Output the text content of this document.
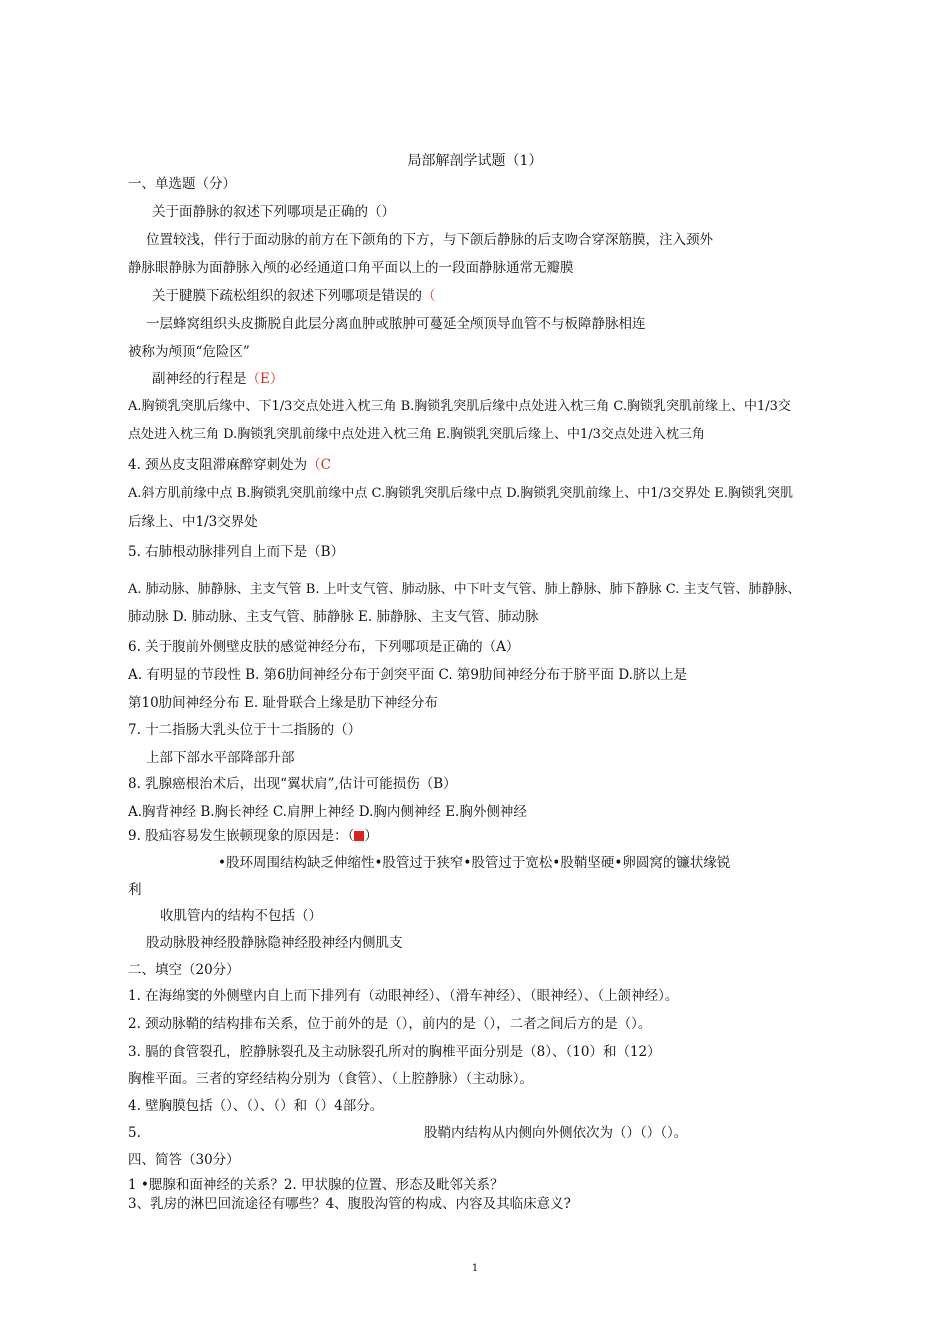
局部解剖学试题（1）
一、单选题（分）
关于面静脉的叙述下列哪项是正确的（）
位置较浅，伴行于面动脉的前方在下颌角的下方，与下颌后静脉的后支吻合穿深筋膜，注入颈外
静脉眼静脉为面静脉入颅的必经通道口角平面以上的一段面静脉通常无瓣膜
关于腱膜下疏松组织的叙述下列哪项是错误的（
一层蜂窝组织头皮撕脱自此层分离血肿或脓肿可蔓延全颅顶导血管不与板障静脉相连
被称为颅顶“危险区”
副神经的行程是（E）
A.胸锁乳突肌后缘中、下1/3交点处进入枕三角 B.胸锁乳突肌后缘中点处进入枕三角 C.胸锁乳突肌前缘上、中1/3交
点处进入枕三角 D.胸锁乳突肌前缘中点处进入枕三角 E.胸锁乳突肌后缘上、中1/3交点处进入枕三角
4. 颈丛皮支阻滞麻醉穿刺处为（C
A.斜方肌前缘中点 B.胸锁乳突肌前缘中点 C.胸锁乳突肌后缘中点 D.胸锁乳突肌前缘上、中1/3交界处 E.胸锁乳突肌
后缘上、中1/3交界处
5. 右肺根动脉排列自上而下是（B）
A. 肺动脉、肺静脉、主支气管 B. 上叶支气管、肺动脉、中下叶支气管、肺上静脉、肺下静脉 C. 主支气管、肺静脉、
肺动脉 D. 肺动脉、主支气管、肺静脉 E. 肺静脉、主支气管、肺动脉
6. 关于腹前外侧壁皮肤的感觉神经分布，下列哪项是正确的（A）
A. 有明显的节段性 B. 第6肋间神经分布于剑突平面 C. 第9肋间神经分布于脐平面 D.脐以上是
第10肋间神经分布 E. 耻骨联合上缘是肋下神经分布
7. 十二指肠大乳头位于十二指肠的（）
上部下部水平部降部升部
8. 乳腺癌根治术后，出现“翼状肩”,估计可能损伤（B）
A.胸背神经 B.胸长神经 C.肩胛上神经 D.胸内侧神经 E.胸外侧神经
9. 股疝容易发生嵌顿现象的原因是：（ ）
•股环周围结构缺乏伸缩性•股管过于狭窄•股管过于宽松•股鞘坚硬•卵圆窝的镰状缘锐
利
收肌管内的结构不包括（）
股动脉股神经股静脉隐神经股神经内侧肌支
二、填空（20分）
1. 在海绵窦的外侧壁内自上而下排列有（动眼神经）、（滑车神经）、（眼神经）、（上颌神经）。
2. 颈动脉鞘的结构排布关系，位于前外的是（），前内的是（），二者之间后方的是（）。
3. 膈的食管裂孔，腔静脉裂孔及主动脉裂孔所对的胸椎平面分别是（8）、（10）和（12）
胸椎平面。三者的穿经结构分别为（食管）、（上腔静脉）（主动脉）。
4. 壁胸膜包括（）、（）、（）和（）4部分。
5.	股鞘内结构从内侧向外侧依次为（）（）（）。
四、简答（30分）
1 •腮腺和面神经的关系？2. 甲状腺的位置、形态及毗邻关系？
3、乳房的淋巴回流途径有哪些？4、腹股沟管的构成、内容及其临床意义?
1
